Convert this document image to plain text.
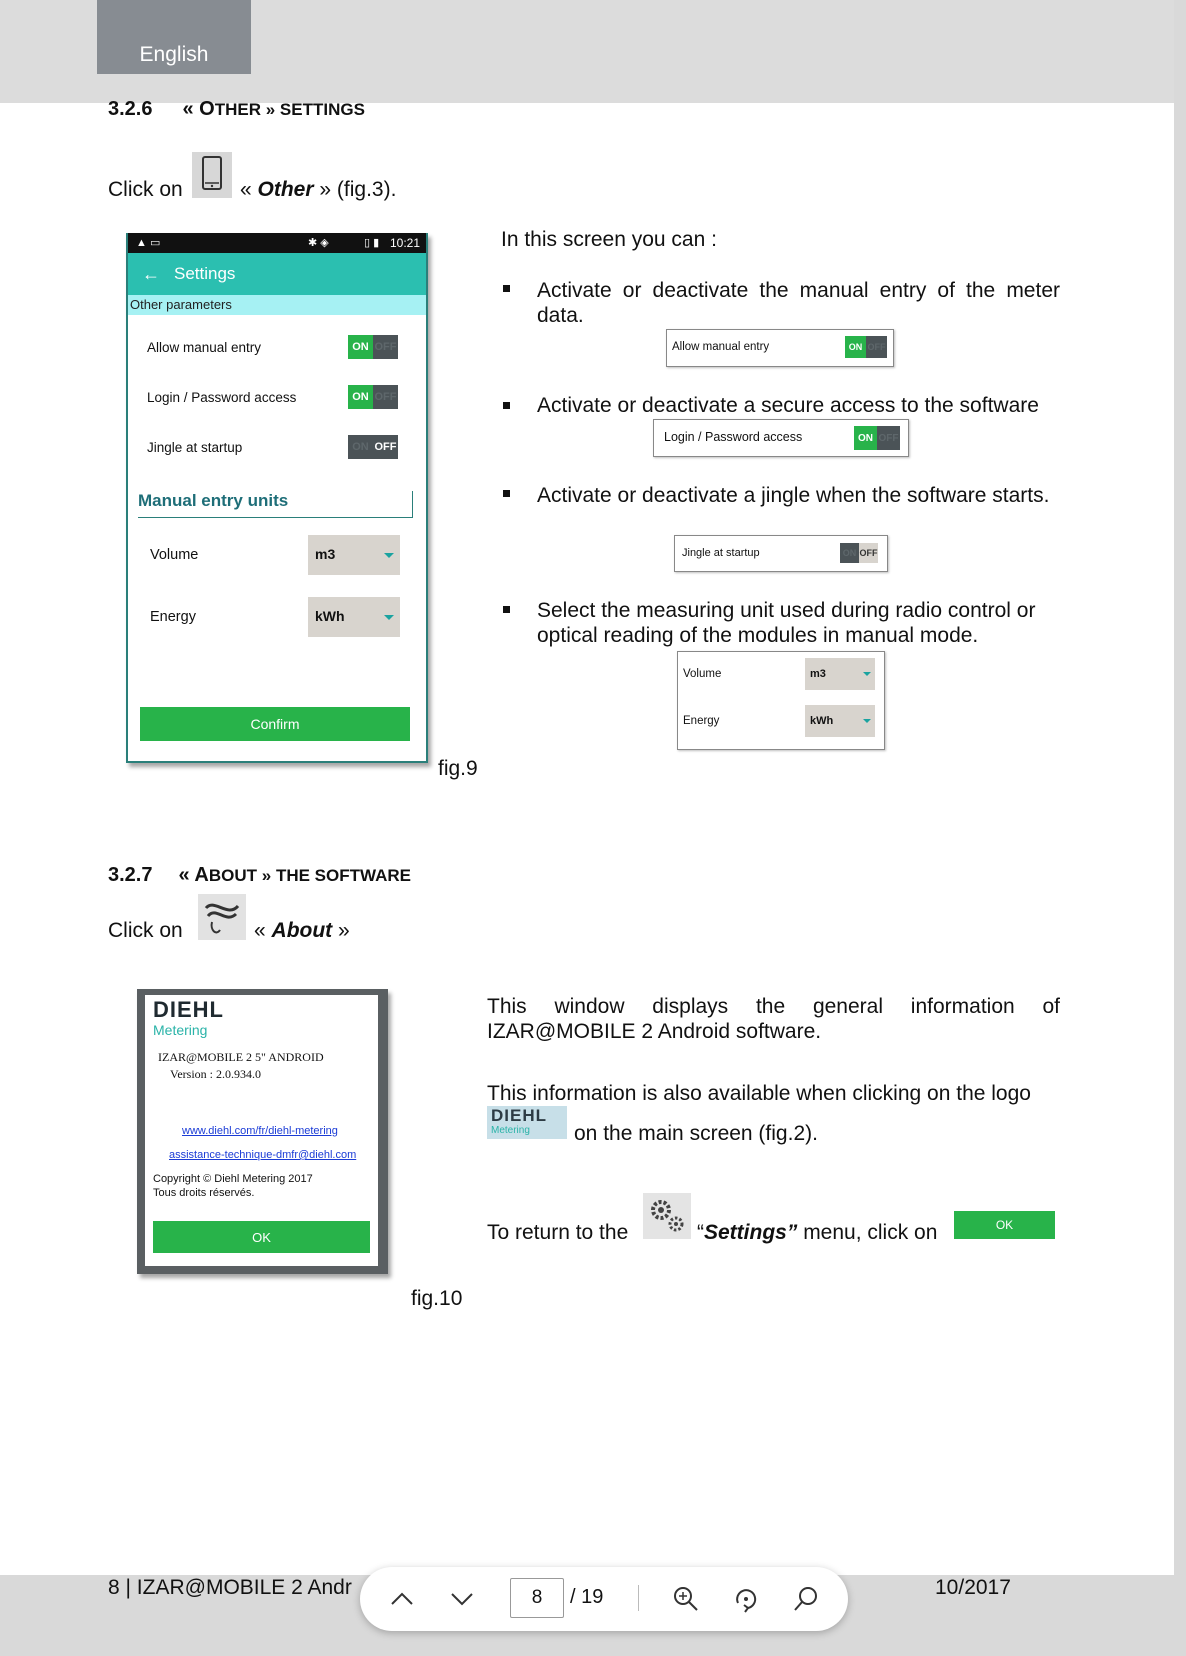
English
3.2.6 « OTHER » SETTINGS
Click on	« Other » (fig.3).
▲ ▭	✱ ◈	▯ ▮ 10:21
← Settings
Other parameters
Allow manual entry	ON OFF
Login / Password access	ON OFF
Jingle at startup	ON OFF
Manual entry units
Volume	m3
Energy	kWh
Confirm
fig.9
In this screen you can :
Activate or deactivate the manual entry of the meter data.
Allow manual entry	ON OFF
Activate or deactivate a secure access to the software
Login / Password access	ON OFF
Activate or deactivate a jingle when the software starts.
Jingle at startup	ON OFF
Select the measuring unit used during radio control or optical reading of the modules in manual mode.
Volume	m3
Energy	kWh
3.2.7 « ABOUT » THE SOFTWARE
Click on	« About »
DIEHL
Metering
IZAR@MOBILE 2 5" ANDROID
Version : 2.0.934.0
www.diehl.com/fr/diehl-metering
assistance-technique-dmfr@diehl.com
Copyright © Diehl Metering 2017
Tous droits réservés.
OK
fig.10
This window displays the general information of IZAR@MOBILE 2 Android software.
This information is also available when clicking on the logo
DIEHL
Metering on the main screen (fig.2).
To return to the	“Settings” menu, click on	OK
8 | IZAR@MOBILE 2 Andr	10/2017
8	/ 19
